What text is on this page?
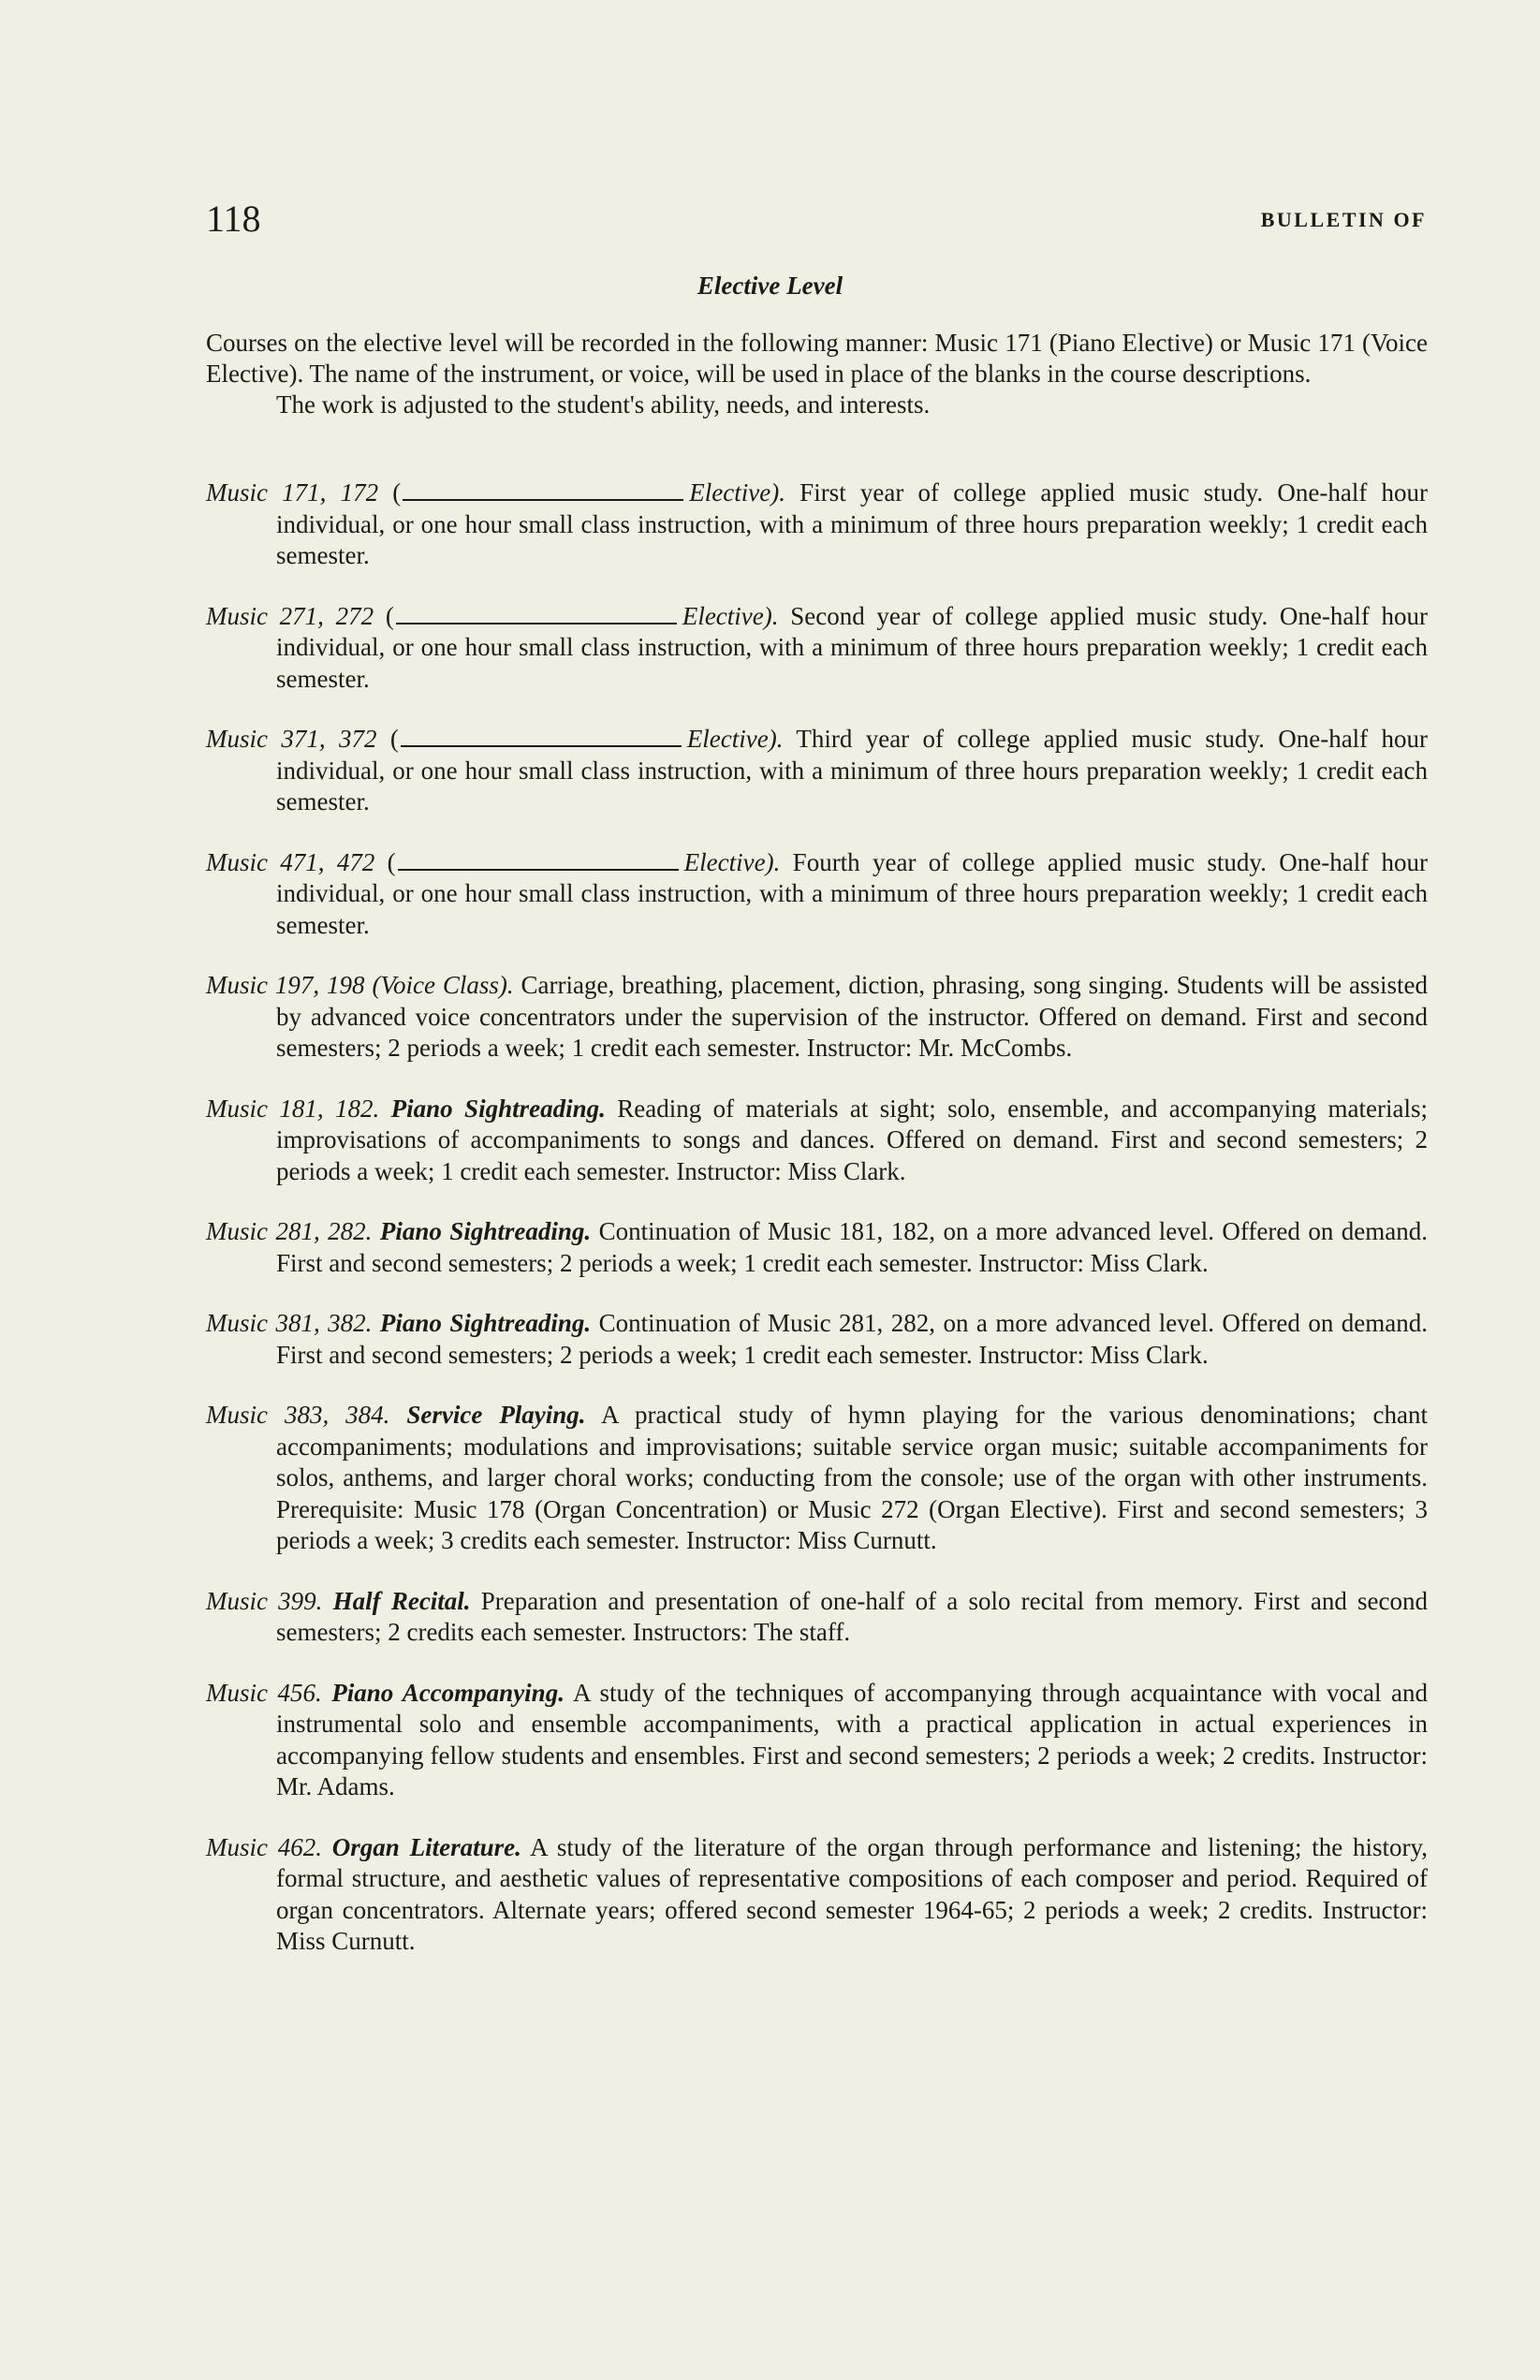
118	BULLETIN OF
Elective Level

Courses on the elective level will be recorded in the following manner: Music 171 (Piano Elective) or Music 171 (Voice Elective). The name of the instrument, or voice, will be used in place of the blanks in the course descriptions.

The work is adjusted to the student's ability, needs, and interests.

Music 171, 172 (	Elective). First year of college applied music study. One-half hour individual, or one hour small class instruction, with a minimum of three hours preparation weekly; 1 credit each semester.

Music 271, 272 (	Elective). Second year of college applied music study. One-half hour individual, or one hour small class instruction, with a minimum of three hours preparation weekly; 1 credit each semester.

Music 371, 372 (	Elective). Third year of college applied music study. One-half hour individual, or one hour small class instruction, with a minimum of three hours preparation weekly; 1 credit each semester.

Music 471, 472 (	Elective). Fourth year of college applied music study. One-half hour individual, or one hour small class instruction, with a minimum of three hours preparation weekly; 1 credit each semester.

Music 197, 198 (Voice Class). Carriage, breathing, placement, diction, phrasing, song singing. Students will be assisted by advanced voice concentrators under the supervision of the instructor. Offered on demand. First and second semesters; 2 periods a week; 1 credit each semester. Instructor: Mr. McCombs.

Music 181, 182. Piano Sightreading. Reading of materials at sight; solo, ensemble, and accompanying materials; improvisations of accompaniments to songs and dances. Offered on demand. First and second semesters; 2 periods a week; 1 credit each semester. Instructor: Miss Clark.

Music 281, 282. Piano Sightreading. Continuation of Music 181, 182, on a more advanced level. Offered on demand. First and second semesters; 2 periods a week; 1 credit each semester. Instructor: Miss Clark.

Music 381, 382. Piano Sightreading. Continuation of Music 281, 282, on a more advanced level. Offered on demand. First and second semesters; 2 periods a week; 1 credit each semester. Instructor: Miss Clark.

Music 383, 384. Service Playing. A practical study of hymn playing for the various denominations; chant accompaniments; modulations and improvisations; suitable service organ music; suitable accompaniments for solos, anthems, and larger choral works; conducting from the console; use of the organ with other instruments. Prerequisite: Music 178 (Organ Concentration) or Music 272 (Organ Elective). First and second semesters; 3 periods a week; 3 credits each semester. Instructor: Miss Curnutt.

Music 399. Half Recital. Preparation and presentation of one-half of a solo recital from memory. First and second semesters; 2 credits each semester. Instructors: The staff.

Music 456. Piano Accompanying. A study of the techniques of accompanying through acquaintance with vocal and instrumental solo and ensemble accompaniments, with a practical application in actual experiences in accompanying fellow students and ensembles. First and second semesters; 2 periods a week; 2 credits. Instructor: Mr. Adams.

Music 462. Organ Literature. A study of the literature of the organ through performance and listening; the history, formal structure, and aesthetic values of representative compositions of each composer and period. Required of organ concentrators. Alternate years; offered second semester 1964-65; 2 periods a week; 2 credits. Instructor: Miss Curnutt.
